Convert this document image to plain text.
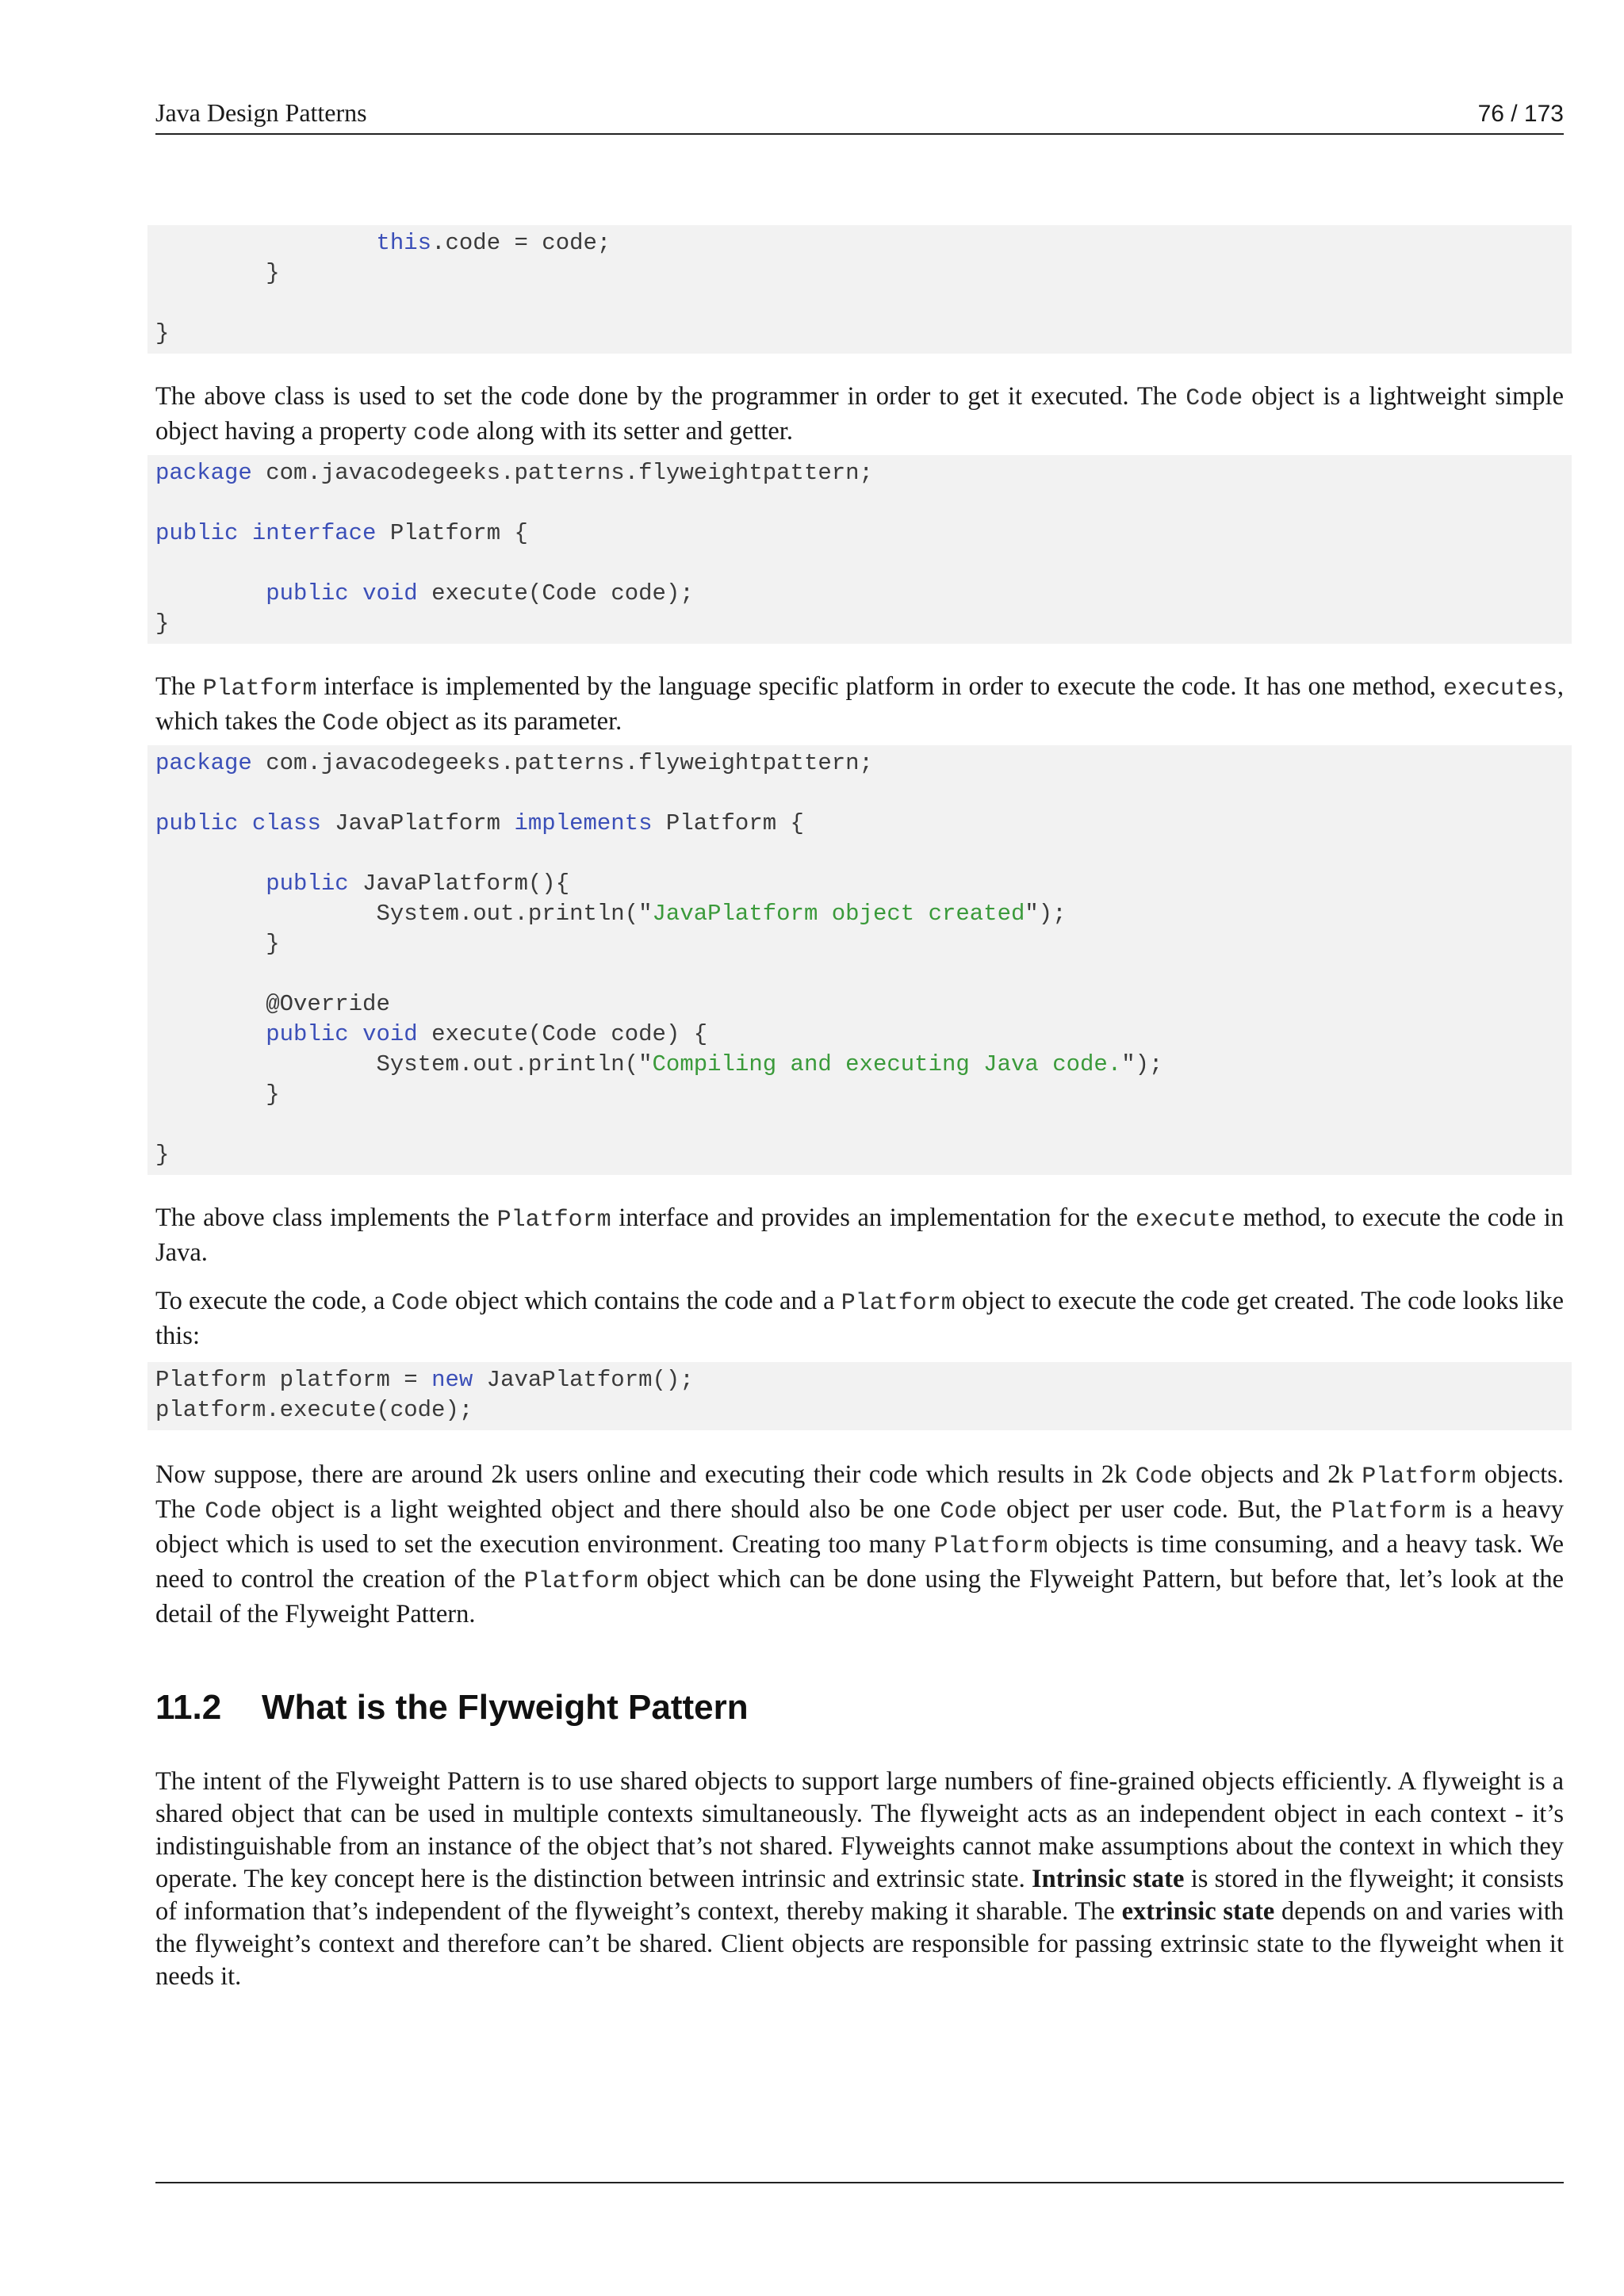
Java Design Patterns	76 / 173
this.code = code;
}
}

The above class is used to set the code done by the programmer in order to get it executed. The Code object is a lightweight simple object having a property code along with its setter and getter.

package com.javacodegeeks.patterns.flyweightpattern;
public interface Platform {
public void execute(Code code);
}

The Platform interface is implemented by the language specific platform in order to execute the code. It has one method, executes, which takes the Code object as its parameter.

package com.javacodegeeks.patterns.flyweightpattern;
public class JavaPlatform implements Platform {
public JavaPlatform(){
System.out.println("JavaPlatform object created");
}
@Override
public void execute(Code code) {
System.out.println("Compiling and executing Java code.");
}
}

The above class implements the Platform interface and provides an implementation for the execute method, to execute the code in Java.

To execute the code, a Code object which contains the code and a Platform object to execute the code get created. The code looks like this:

Platform platform = new JavaPlatform();
platform.execute(code);

Now suppose, there are around 2k users online and executing their code which results in 2k Code objects and 2k Platform objects. The Code object is a light weighted object and there should also be one Code object per user code. But, the Platform is a heavy object which is used to set the execution environment. Creating too many Platform objects is time consuming, and a heavy task. We need to control the creation of the Platform object which can be done using the Flyweight Pattern, but before that, let’s look at the detail of the Flyweight Pattern.

11.2 What is the Flyweight Pattern

The intent of the Flyweight Pattern is to use shared objects to support large numbers of fine-grained objects efficiently. A flyweight is a shared object that can be used in multiple contexts simultaneously. The flyweight acts as an independent object in each context - it’s indistinguishable from an instance of the object that’s not shared. Flyweights cannot make assumptions about the context in which they operate. The key concept here is the distinction between intrinsic and extrinsic state. Intrinsic state is stored in the flyweight; it consists of information that’s independent of the flyweight’s context, thereby making it sharable. The extrinsic state depends on and varies with the flyweight’s context and therefore can’t be shared. Client objects are responsible for passing extrinsic state to the flyweight when it needs it.
